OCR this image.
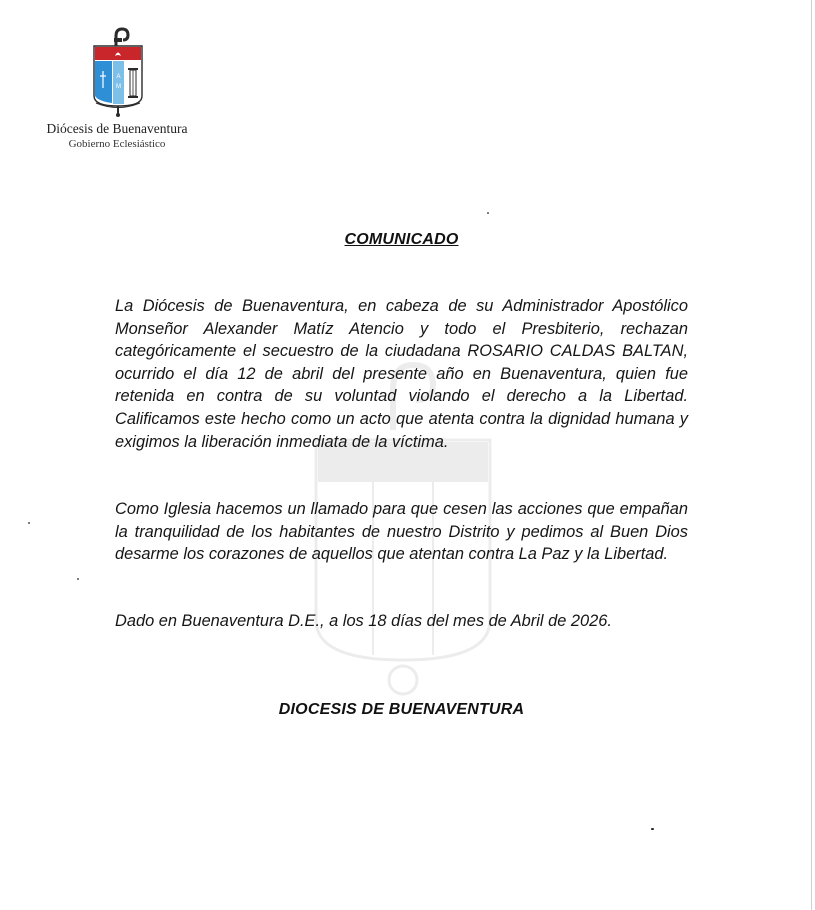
A
M
Diócesis de Buenaventura
Gobierno Eclesiástico
COMUNICADO
La Diócesis de Buenaventura, en cabeza de su Administrador Apostólico Monseñor Alexander Matíz Atencio y todo el Presbiterio, rechazan categóricamente el secuestro de la ciudadana ROSARIO CALDAS BALTAN, ocurrido el día 12 de abril del presente año en Buenaventura, quien fue retenida en contra de su voluntad violando el derecho a la Libertad. Calificamos este hecho como un acto que atenta contra la dignidad humana y exigimos la liberación inmediata de la víctima.
Como Iglesia hacemos un llamado para que cesen las acciones que empañan la tranquilidad de los habitantes de nuestro Distrito y pedimos al Buen Dios desarme los corazones de aquellos que atentan contra La Paz y la Libertad.
Dado en Buenaventura D.E., a los 18 días del mes de Abril de 2026.
DIOCESIS DE BUENAVENTURA
